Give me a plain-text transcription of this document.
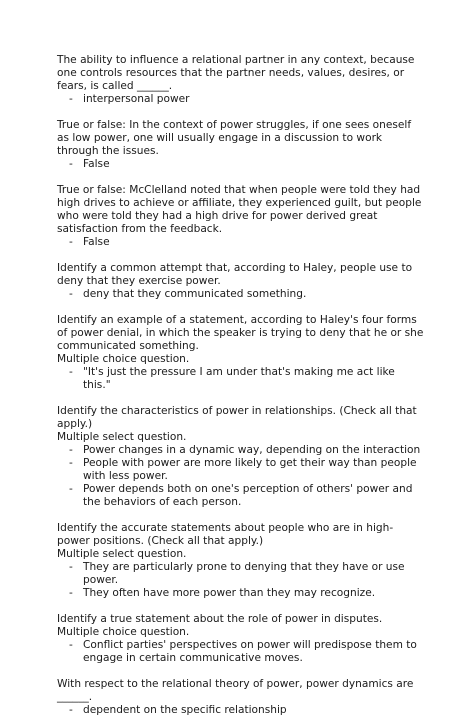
The ability to influence a relational partner in any context, because one controls resources that the partner needs, values, desires, or fears, is called ______.

- interpersonal power

True or false: In the context of power struggles, if one sees oneself as low power, one will usually engage in a discussion to work through the issues.

- False

True or false: McClelland noted that when people were told they had high drives to achieve or affiliate, they experienced guilt, but people who were told they had a high drive for power derived great satisfaction from the feedback.

- False

Identify a common attempt that, according to Haley, people use to deny that they exercise power.

- deny that they communicated something.

Identify an example of a statement, according to Haley's four forms of power denial, in which the speaker is trying to deny that he or she communicated something.

Multiple choice question.

- "It's just the pressure I am under that's making me act like this."

Identify the characteristics of power in relationships. (Check all that apply.)

Multiple select question.

- Power changes in a dynamic way, depending on the interaction
- People with power are more likely to get their way than people with less power.
- Power depends both on one's perception of others' power and the behaviors of each person.

Identify the accurate statements about people who are in high-power positions. (Check all that apply.)

Multiple select question.

- They are particularly prone to denying that they have or use power.
- They often have more power than they may recognize.

Identify a true statement about the role of power in disputes.

Multiple choice question.

- Conflict parties' perspectives on power will predispose them to engage in certain communicative moves.

With respect to the relational theory of power, power dynamics are ______.

- dependent on the specific relationship
